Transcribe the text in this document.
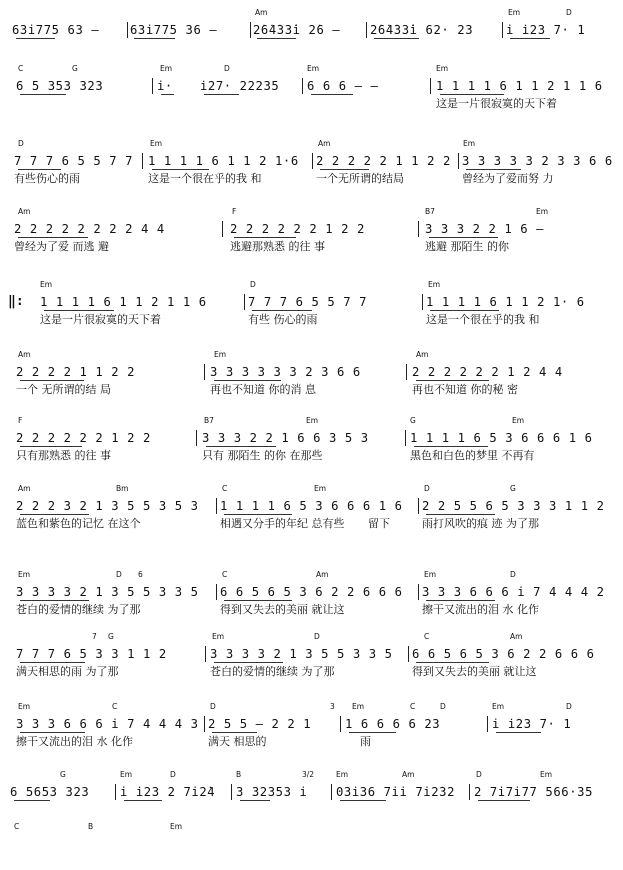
Am	Em	D
63i775 63 –	63i775 36 –	2̇6̇4̇33̇i 2̇6 –	2̇6̇4̇33̇i 62· 23	i i̇23 7· 1
C	G	Em	D	Em	Em
6 5 353 323	i·	i̇27· 22235	6 6 6 – –	1 1 1 1 6 1 1 2 1 1 6
这是一片很寂寞的天下着
D	Em	Am	Em
7 7 7 6 5 5 7 7	1 1 1 1 6 1 1 2 1·6	2 2 2 2 2 1 1 2 2 3 3 3 3 3 2 3 3 6 6
有些伤心的雨	这是一个很在乎的我 和	一个无所谓的结局	曾经为了爱而努 力
Am	F	B7	Em
2 2 2 2 2 2 2 2 4 4	2 2 2 2 2 2 1 2 2	3 3 3 2 2 1 6 –
曾经为了爱 而逃 避	逃避那熟悉 的往 事	逃避 那陌生 的你
Em	D	Em
‖: 1 1 1 1 6 1 1 2 1 1 6	7 7 7 6 5 5 7 7	1 1 1 1 6 1 1 2 1· 6
这是一片很寂寞的天下着	有些 伤心的雨	这是一个很在乎的我 和
Am	Em	Am
2 2 2 2 1 1 2 2	3 3 3 3 3 3 2 3 6 6	2 2 2 2 2 2 1 2 4 4
一个 无所谓的结 局	再也不知道 你的消 息	再也不知道 你的秘 密
F	B7	Em	G	Em
2 2 2 2 2 2 1 2 2	3 3 3 2 2 1 6 6 3 5 3	1 1 1 1 6 5 3 6 6 6 1 6
只有那熟悉 的往 事	只有 那陌生 的你 在那些	黑色和白色的梦里 不再有
Am	Bm	C	Em	D	G
2 2 2 3 2 1 3 5 5 3 5 3	1 1 1 1 6 5 3 6 6 6 1 6	2 2 5 5 6 5 3 3 3 1 1 2
蓝色和紫色的记忆 在这个	相遇又分手的年纪 总有些	雨打风吹的痕 迹 为了那
留下
Em	D 6	C	Am	Em	D
3 3 3 3 2 1 3 5 5 3 3 5	6 6 5 6 5 3 6 2 2 6 6 6	3 3 3 6 6 6 i 7 4 4 4 2
苍白的爱情的继续 为了那	得到又失去的美丽 就让这	擦干又流出的泪 水 化作
7 G	Em	D	C	Am
7 7 7 6 5 3 3 1 1 2	3 3 3 3 2 1 3 5 5 3 3 5	6 6 5 6 5 3 6 2 2 6 6 6
满天相思的雨 为了那	苍白的爱情的继续 为了那	得到又失去的美丽 就让这
Em	C	D	3 Em	C	D	Em	D
3 3 3 6 6 6 i 7 4 4 4 3 2 5 5 – 2 2 1	1 6 6 6 6 23	i i̇23 7· 1
擦干又流出的泪 水 化作	满天 相思的	雨
G	Em	D	B	3/2	Em	Am	D	Em
6 5653 323	i i̇23 2 7i2̇4	3 32353 i	03i36 7ii 7i2̇32	2 7i7i77 566·35
C	B	Em
